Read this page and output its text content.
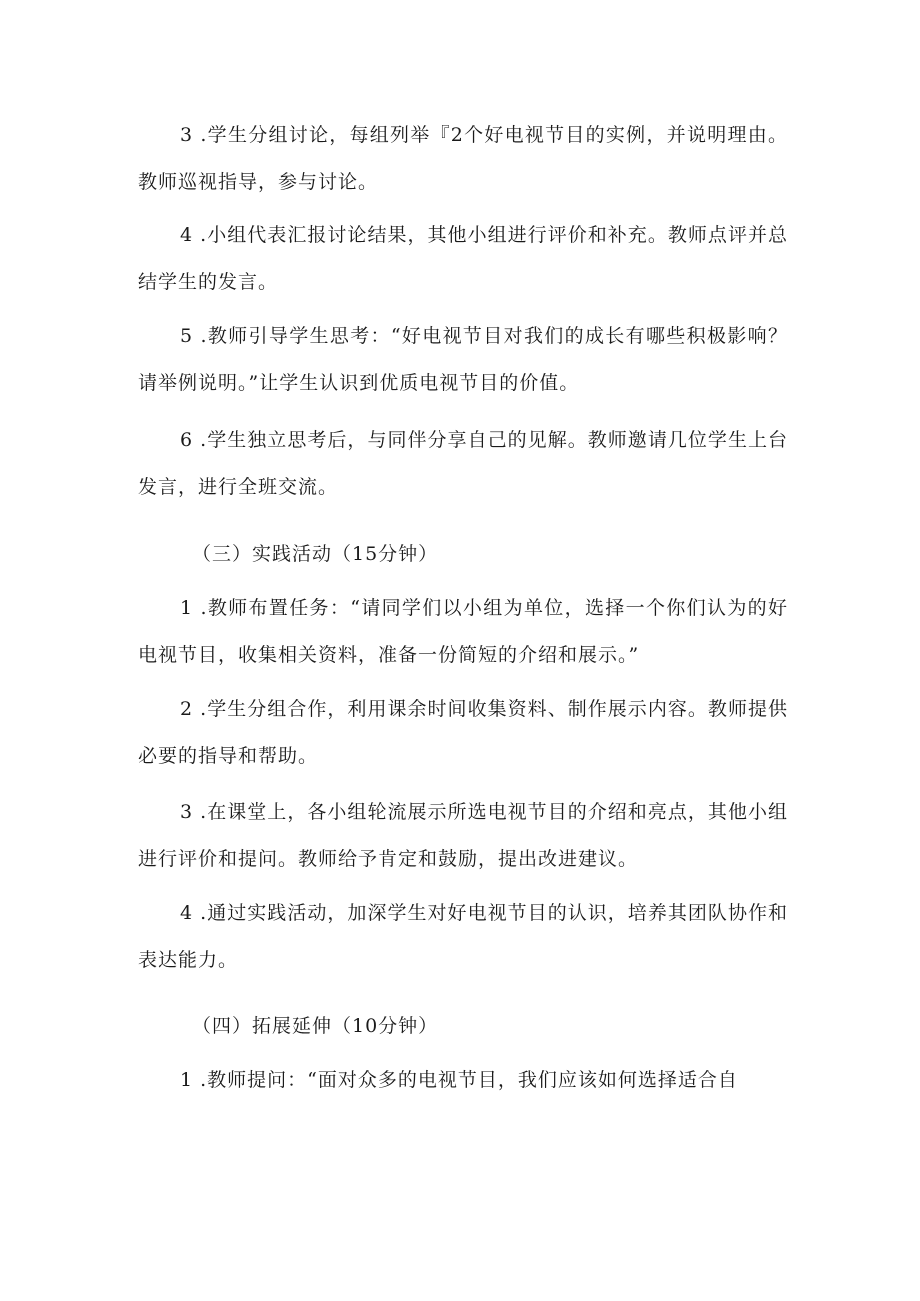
3 .学生分组讨论，每组列举『2个好电视节目的实例，并说明理由。教师巡视指导，参与讨论。

4 .小组代表汇报讨论结果，其他小组进行评价和补充。教师点评并总结学生的发言。

5 .教师引导学生思考：“好电视节目对我们的成长有哪些积极影响？请举例说明。”让学生认识到优质电视节目的价值。

6 .学生独立思考后，与同伴分享自己的见解。教师邀请几位学生上台发言，进行全班交流。

（三）实践活动（15分钟）

1 .教师布置任务：“请同学们以小组为单位，选择一个你们认为的好电视节目，收集相关资料，准备一份简短的介绍和展示。”

2 .学生分组合作，利用课余时间收集资料、制作展示内容。教师提供必要的指导和帮助。

3 .在课堂上，各小组轮流展示所选电视节目的介绍和亮点，其他小组进行评价和提问。教师给予肯定和鼓励，提出改进建议。

4 .通过实践活动，加深学生对好电视节目的认识，培养其团队协作和表达能力。

（四）拓展延伸（10分钟）

1 .教师提问：“面对众多的电视节目，我们应该如何选择适合自
